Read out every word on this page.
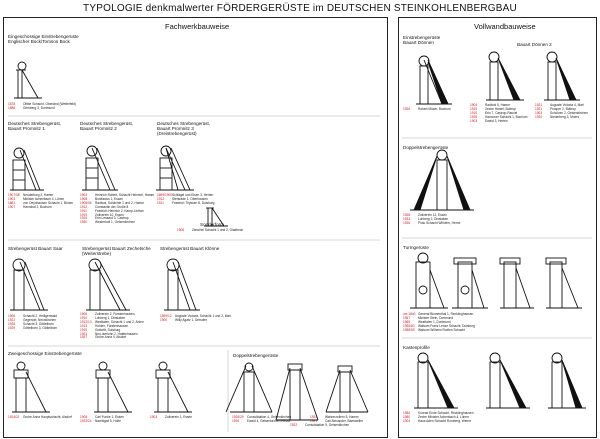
TYPOLOGIE denkmalwerter FÖRDERGERÜSTE im DEUTSCHEN STEINKOHLENBERGBAU
Fachwerkbauweise	Vollwandbauweise
Eingeschossige Einstrebengerüste
Englischer Bock/Tomson Bock
Deutsches Strebengerüst,
Bauart Promnitz 1
Deutsches Strebengerüst,
Bauart Promnitz 2
Deutsches Strebengerüst,
Bauart Promnitz 3
(Dreistrebengerüst)
Sonderform
Strebengerüst Bauart Saar	Strebengerüst Bauart Zechetsche
(Weiterstrebe)
Strebengerüst Bauart Klönne
Zweigeschossige Einstrebengerüste	Doppelstrebengerüste
Einstrebengerüste
Bauart Dönnen	Bauart Dönnen 2
Doppelstrebengerüste
Turmgerüste
Kastenprofile
1878 Olfkte Schacht, Oberland (Wetterfeld)
1886 Grimberg 3, Dortmund
1907/08 Neudeiburg 2, Hamm
1903 Minister Achenbach 4, Lünen
1881 von Oeynhausen Schacht 1, Bönen
1907 Hannibal 2, Bochum
1903 Heinrich Robert, Schacht Heinrich, Hamm
1908 Bonifacius 1, Essen
1906/06 Radbod, Schächte 1 und 2, Hamm
1912 Constantin der Große 8
1911	Friedrich Heinrich 2, Kamp-Lintfort
1919 Zollverein 10, Essen
1915 Erin Lessard 3, Castrop
1930 Westerholt 1, Gelsenkirchen
1899/1900Schlägel und Eisen 3, Herten
1912 Sterkrade 1, Oberhausen
1911	Friedrich Thyssen 8, Duisburg
1906 Zieschel Schacht 1 und 2, Gladbeck
1906 Schacht 2, Heiligenwald
1922 Gegenort, Neunkirchen
1928 Schacht 3, Göttelborn
1929 Göttelborn 3, Göttelborn
1906 Zollverein 2, Fürstenhausen
1910 Lohberg 1, Dinslaken
1912/13 Westfalen, Schacht 1 und 2, Ahlen
1913 Hohlen, Fürstenhausen
1919 Gottwitt, Duisburg
1923 Neu-Iserlohn 2, Hattenhausen
1937 Grube Anna II, Alsdorf
1899/12 Auguste Victoria, Schacht 1 und 2, Marl
1900 Willy Agatz 1, Dresden
1914/21 Grube Anna Hauptschacht, Alsdorf	1908 Carl Funke 1, Essen
1923/24 Nachtigall 5, Holte
1903 Zollverein 1, Essen	1928/29 Consolidation 4, Gelsenkirchen
1926 Ewald 4, Gelsenkirchen Resse
1922 Consolidation 9, Gelsenkirchen
1924 Wahrerzollern 5, Hamm
1921 Carl Alexander, Baesweiler
1926 Robert Müser, Bochum
1904 Radbod 5, Hamm
1915 Zeche Haniel, Bottrop
1910 Erin 7, Castrop-Rauxel
1928 Hannover Schacht 1, Bochum
1903 Ewald 3, Herten
1921 Auguste Victoria 4, Marl
1921 Prosper 2, Bottrop
1903 Scholven 2, Gelsenkirchen
1920 Niederberg 3, Moers
1928 Zollverein 12, Essen
1933 Lohberg 2, Dinslaken
1926 Pluto Schacht Wilhelm, Herne
um 1840 General Blumenthal 1, Recklinghausen
1957 Minister Stein, Dortmund
1965 Westfalen 1, Dortmund
1955/60 Walsum Franz Lenze Schacht, Duisburg
1958/59 Walsum Wilhelm Roelen Schacht
1980 Konrad Ende Schacht, Recklinghausen
1980 Zeche Minister Achenbach 4, Lünen
1904 Haus Aden Schacht Romberg, Werne
